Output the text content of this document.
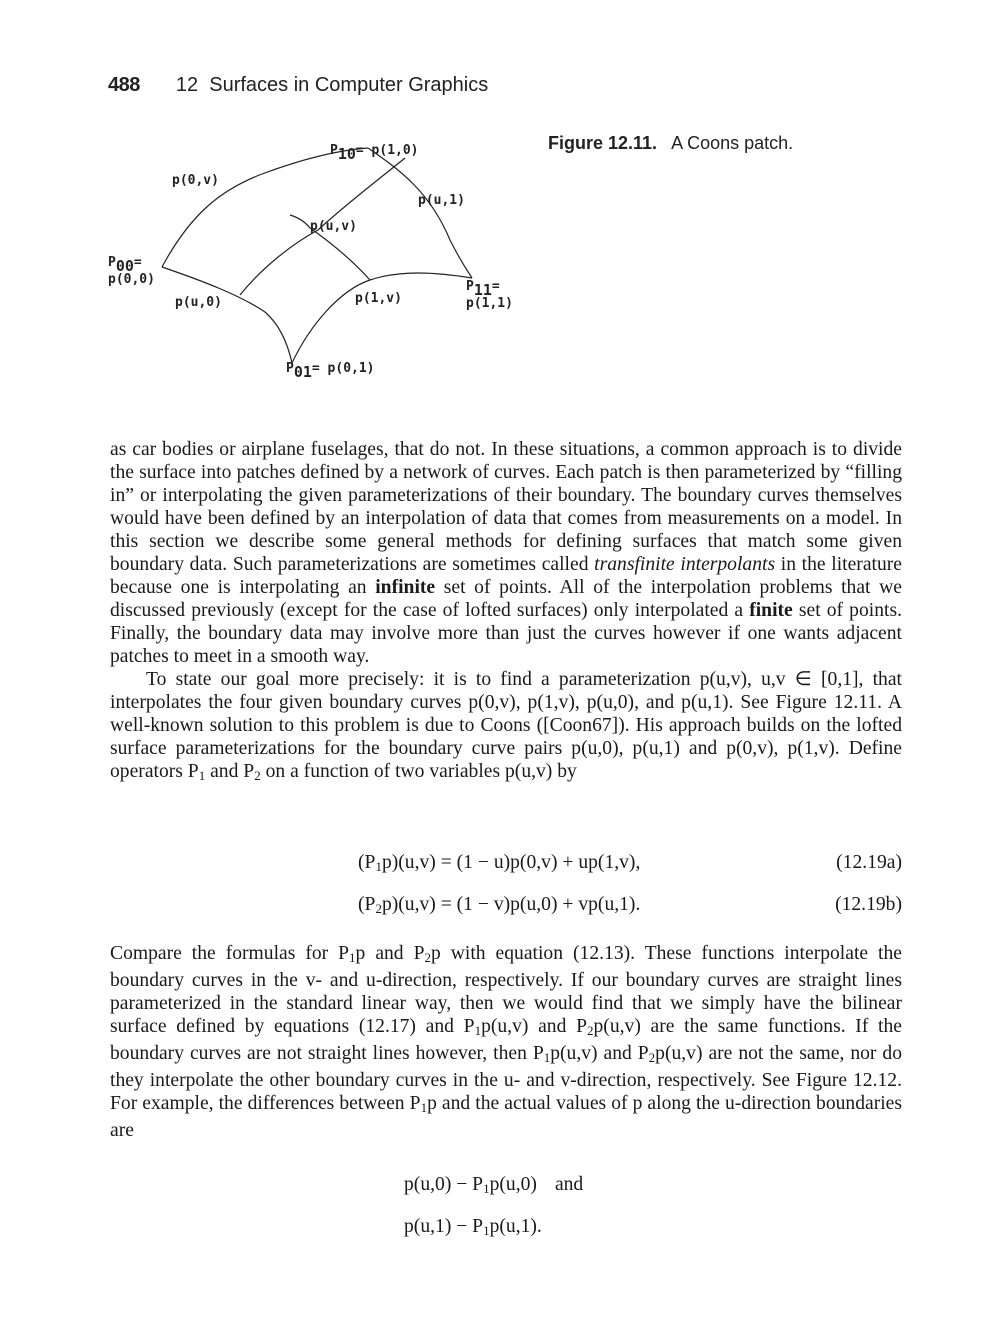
488 12  Surfaces in Computer Graphics
$P_{10}= p(1,0)$
p(0,v)
p(u,1)
p(u,v)
$P_{00}=$
p(0,0)
p(u,0)	p(1,v)
$P_{11}=$
p(1,1)
$P_{01}= p(0,1)$
Figure 12.11. A Coons patch.

as car bodies or airplane fuselages, that do not. In these situations, a common approach is to divide the surface into patches defined by a network of curves. Each patch is then parameterized by “filling in” or interpolating the given parameterizations of their boundary. The boundary curves themselves would have been defined by an interpolation of data that comes from measurements on a model. In this section we describe some general methods for defining surfaces that match some given boundary data. Such parameterizations are sometimes called transfinite interpolants in the literature because one is interpolating an infinite set of points. All of the interpolation problems that we discussed previously (except for the case of lofted surfaces) only interpolated a finite set of points. Finally, the boundary data may involve more than just the curves however if one wants adjacent patches to meet in a smooth way.

To state our goal more precisely: it is to find a parameterization p(u,v), u,v ∈ [0,1], that interpolates the four given boundary curves p(0,v), p(1,v), p(u,0), and p(u,1). See Figure 12.11. A well-known solution to this problem is due to Coons ([Coon67]). His approach builds on the lofted surface parameterizations for the boundary curve pairs p(u,0), p(u,1) and p(0,v), p(1,v). Define operators $P_1$ and $P_2$ on a function of two variables p(u,v) by

$(P_1p)(u,v) = (1 - u)p(0,v) + up(1,v)$,	(12.19a)
$(P_2p)(u,v) = (1 - v)p(u,0) + vp(u,1)$.	(12.19b)

Compare the formulas for $P_1p$ and $P_2p$ with equation (12.13). These functions interpolate the boundary curves in the v- and u-direction, respectively. If our boundary curves are straight lines parameterized in the standard linear way, then we would find that we simply have the bilinear surface defined by equations (12.17) and $P_1p(u,v)$ and $P_2p(u,v)$ are the same functions. If the boundary curves are not straight lines however, then $P_1p(u,v)$ and $P_2p(u,v)$ are not the same, nor do they interpolate the other boundary curves in the u- and v-direction, respectively. See Figure 12.12. For example, the differences between $P_1p$ and the actual values of p along the u-direction boundaries are

$p(u,0) - P_1p(u,0)$ and
$p(u,1) - P_1p(u,1)$.
